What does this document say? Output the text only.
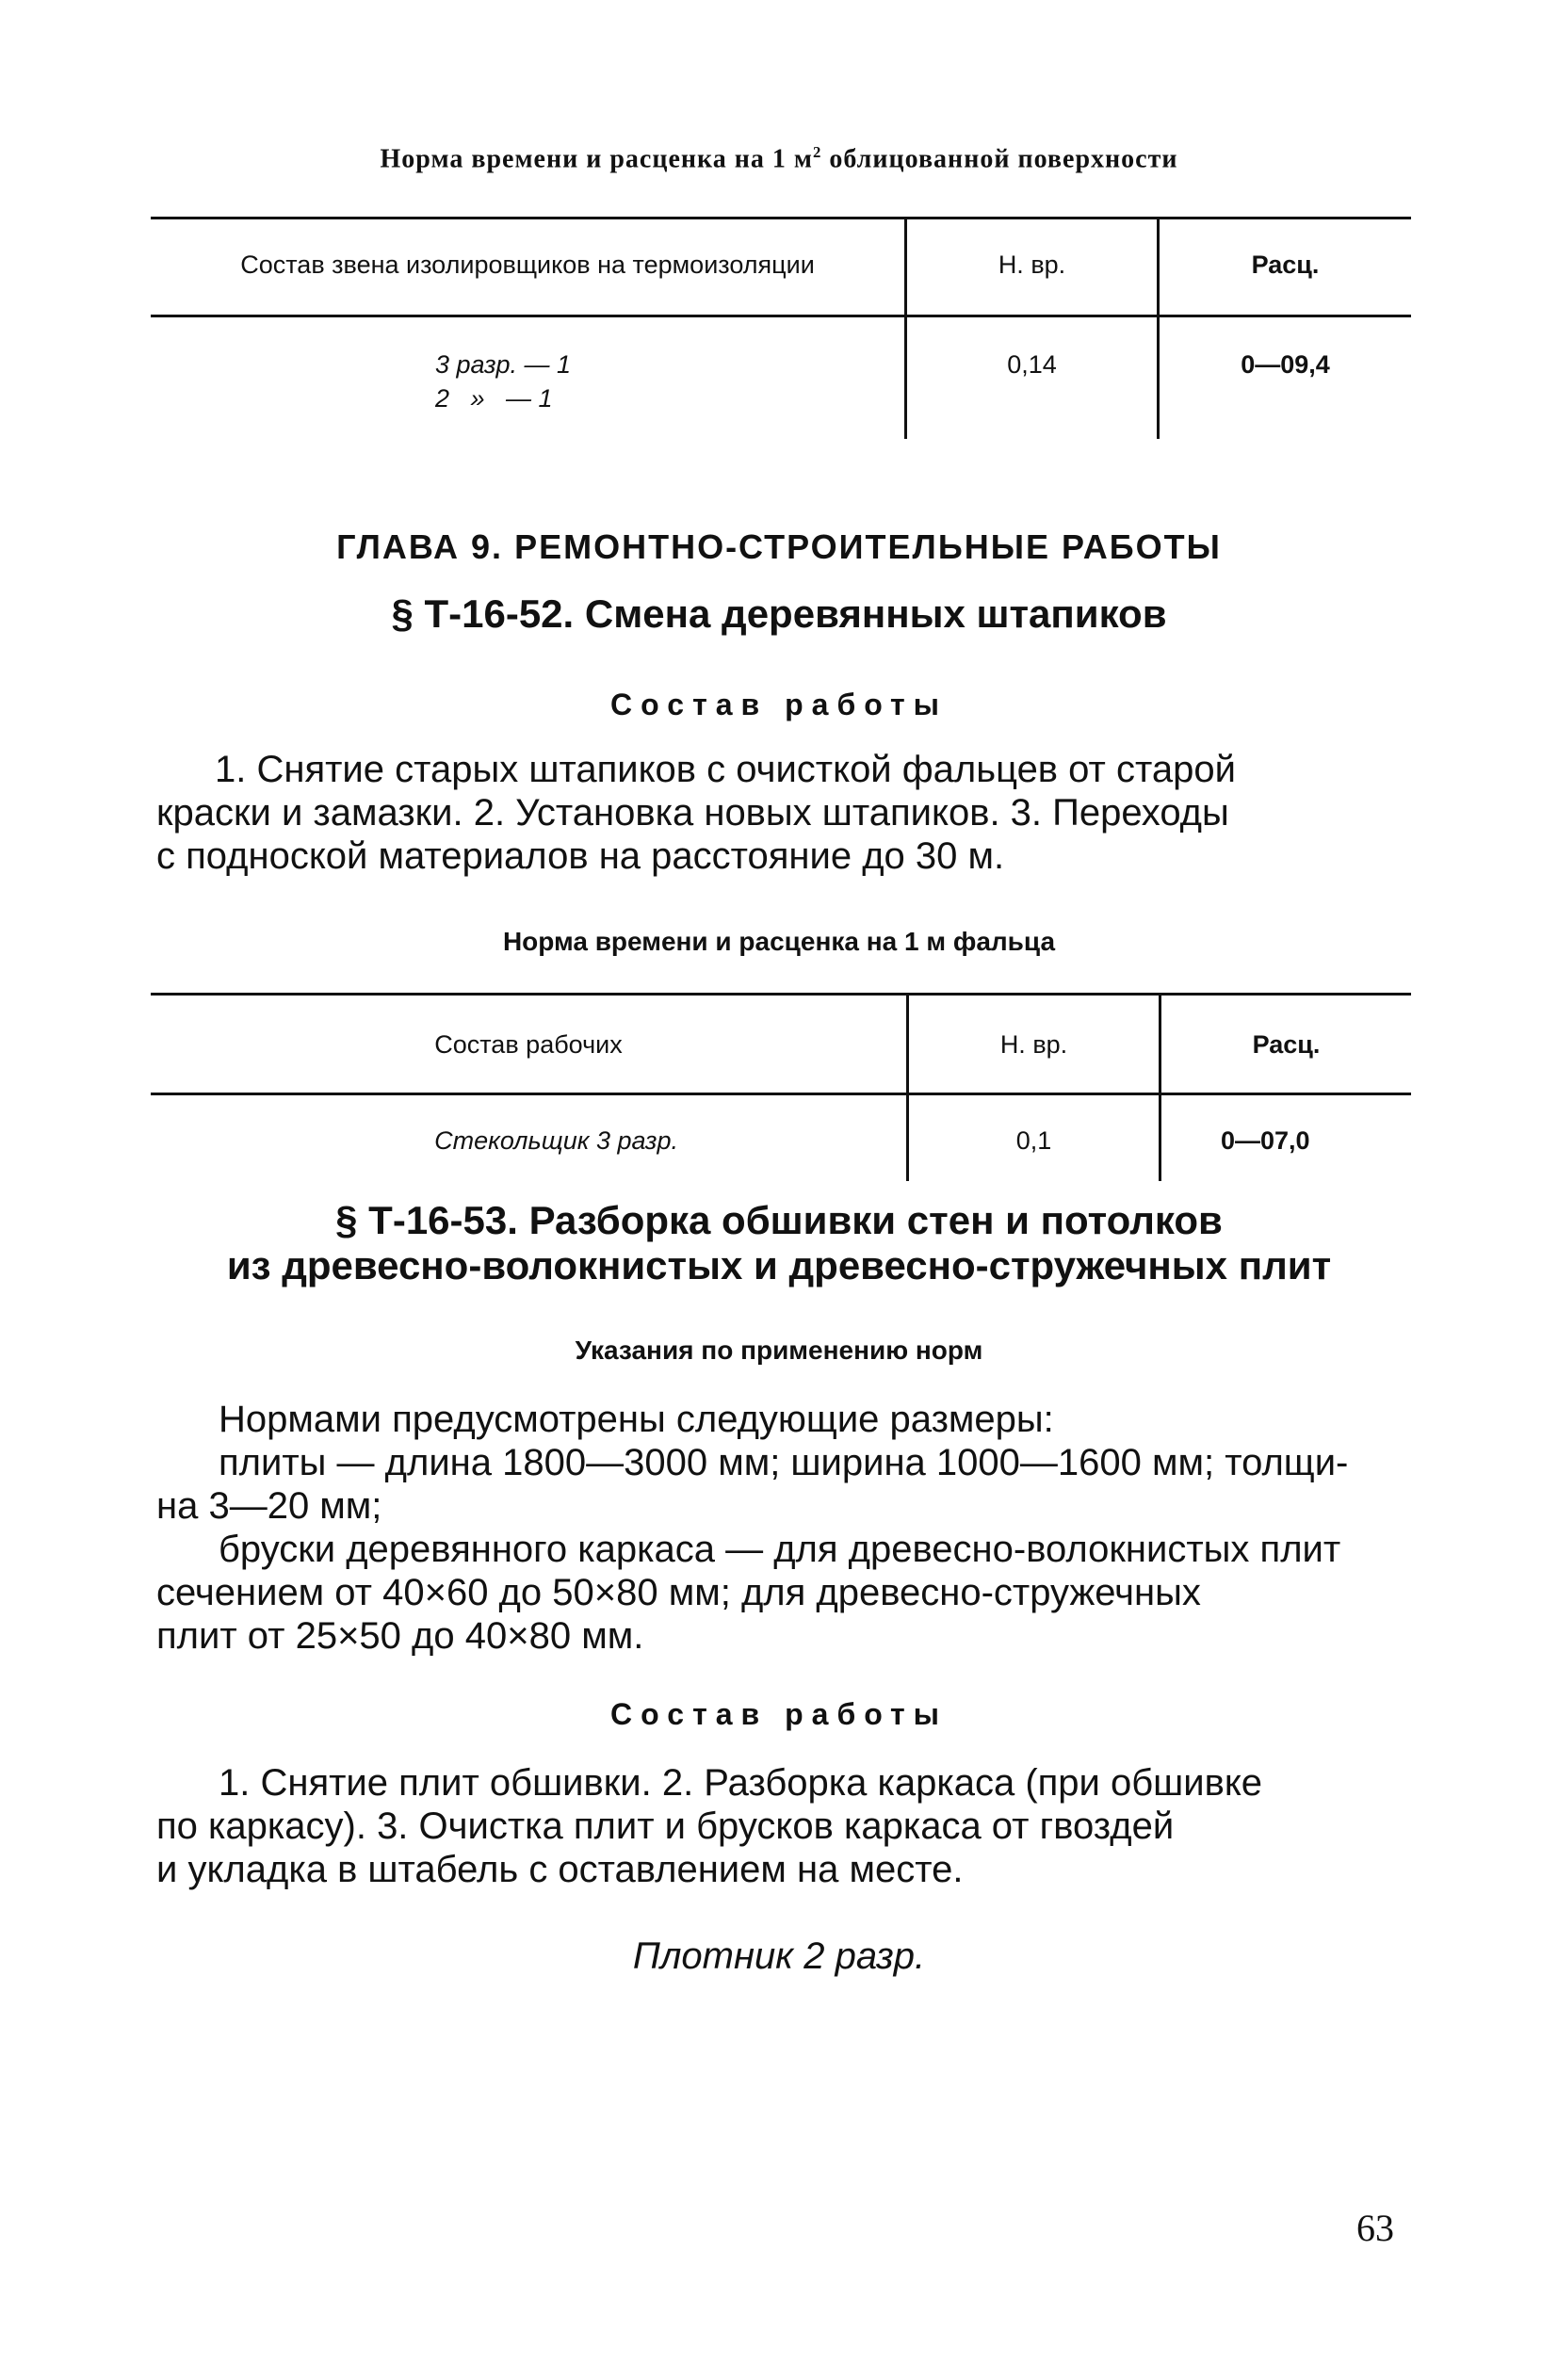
Норма времени и расценка на 1 $м^2$ облицованной поверхности
Состав звена изолировщиков на термоизоляции	Н. вр.	Расц.
3 разр. — 1
2   »   — 1
0,14	0—09,4
ГЛАВА 9. РЕМОНТНО-СТРОИТЕЛЬНЫЕ РАБОТЫ
§ Т-16-52. Смена деревянных штапиков
Состав работы
1. Снятие старых штапиков с очисткой фальцев от старой
краски и замазки. 2. Установка новых штапиков. 3. Переходы
с подноской материалов на расстояние до 30 м.
Норма времени и расценка на 1 м фальца
Состав рабочих	Н. вр.	Расц.
Стекольщик 3 разр.	0,1	0—07,0
§ Т-16-53. Разборка обшивки стен и потолков
из древесно-волокнистых и древесно-стружечных плит
Указания по применению норм
Нормами предусмотрены следующие размеры:
плиты — длина 1800—3000 мм; ширина 1000—1600 мм; толщи-
на 3—20 мм;
бруски деревянного каркаса — для древесно-волокнистых плит
сечением от 40×60 до 50×80 мм; для древесно-стружечных
плит от 25×50 до 40×80 мм.
Состав работы
1. Снятие плит обшивки. 2. Разборка каркаса (при обшивке
по каркасу). 3. Очистка плит и брусков каркаса от гвоздей
и укладка в штабель с оставлением на месте.
Плотник 2 разр.
63
